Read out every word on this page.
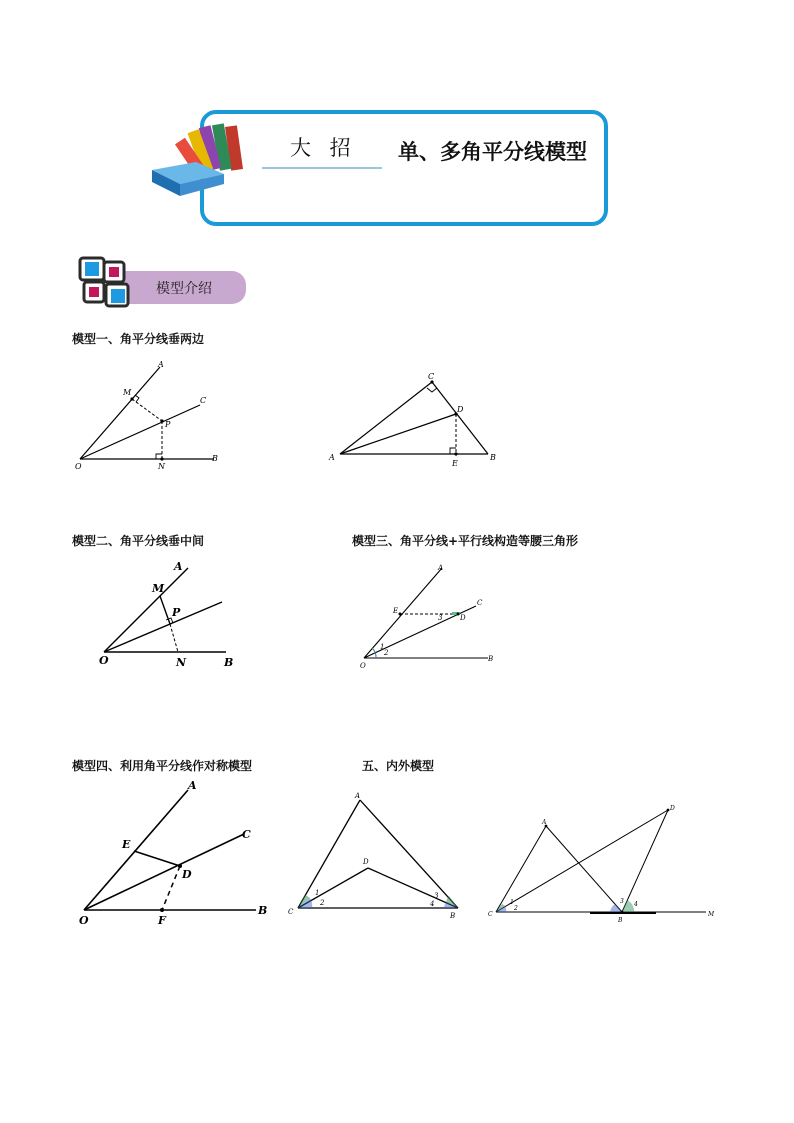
大 招 单、多角平分线模型
模型介绍
模型一、角平分线垂两边
模型二、角平分线垂中间	模型三、角平分线+平行线构造等腰三角形
模型四、利用角平分线作对称模型	五、内外模型
O	N
B
M
A
C
P
A	B
C
D
E
O	N	B
M
A
P
O
B
A
C
E
D
3
1
2
O	F
B
E
A
C
D
C	B
A
D
1
2
3
4
C
B
A
D
M
1
2
3 4
